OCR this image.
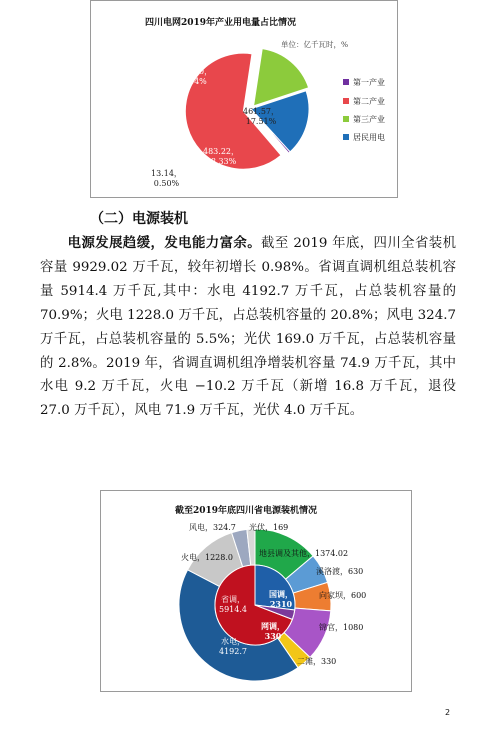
四川电网2019年产业用电量占比情况
单位：亿千瓦时，%
1677.40，
63.64%
461.57，
17.51%
483.22，
18.33%
13.14，
0.50%
第一产业
第二产业
第三产业
居民用电
（二）电源装机
　　电源发展趋缓，发电能力富余。截至 2019 年底，四川全省装机容量 9929.02 万千瓦，较年初增长 0.98%。省调直调机组总装机容量 5914.4 万千瓦,其中：水电 4192.7 万千瓦，占总装机容量的 70.9%；火电 1228.0 万千瓦，占总装机容量的 20.8%；风电 324.7 万千瓦，占总装机容量的 5.5%；光伏 169.0 万千瓦，占总装机容量的 2.8%。2019 年，省调直调机组净增装机容量 74.9 万千瓦，其中水电 9.2 万千瓦，火电 −10.2 万千瓦（新增 16.8 万千瓦，退役 27.0 万千瓦），风电 71.9 万千瓦，光伏 4.0 万千瓦。
截至2019年底四川省电源装机情况
地县调及其他，1374.02
溪洛渡，630
向家坝，600
锦官，1080
二滩，330
水电，
4192.7
火电，1228.0
风电，324.7 光伏，169
省调，
5914.4
国调，
2310
网调，
330
2
